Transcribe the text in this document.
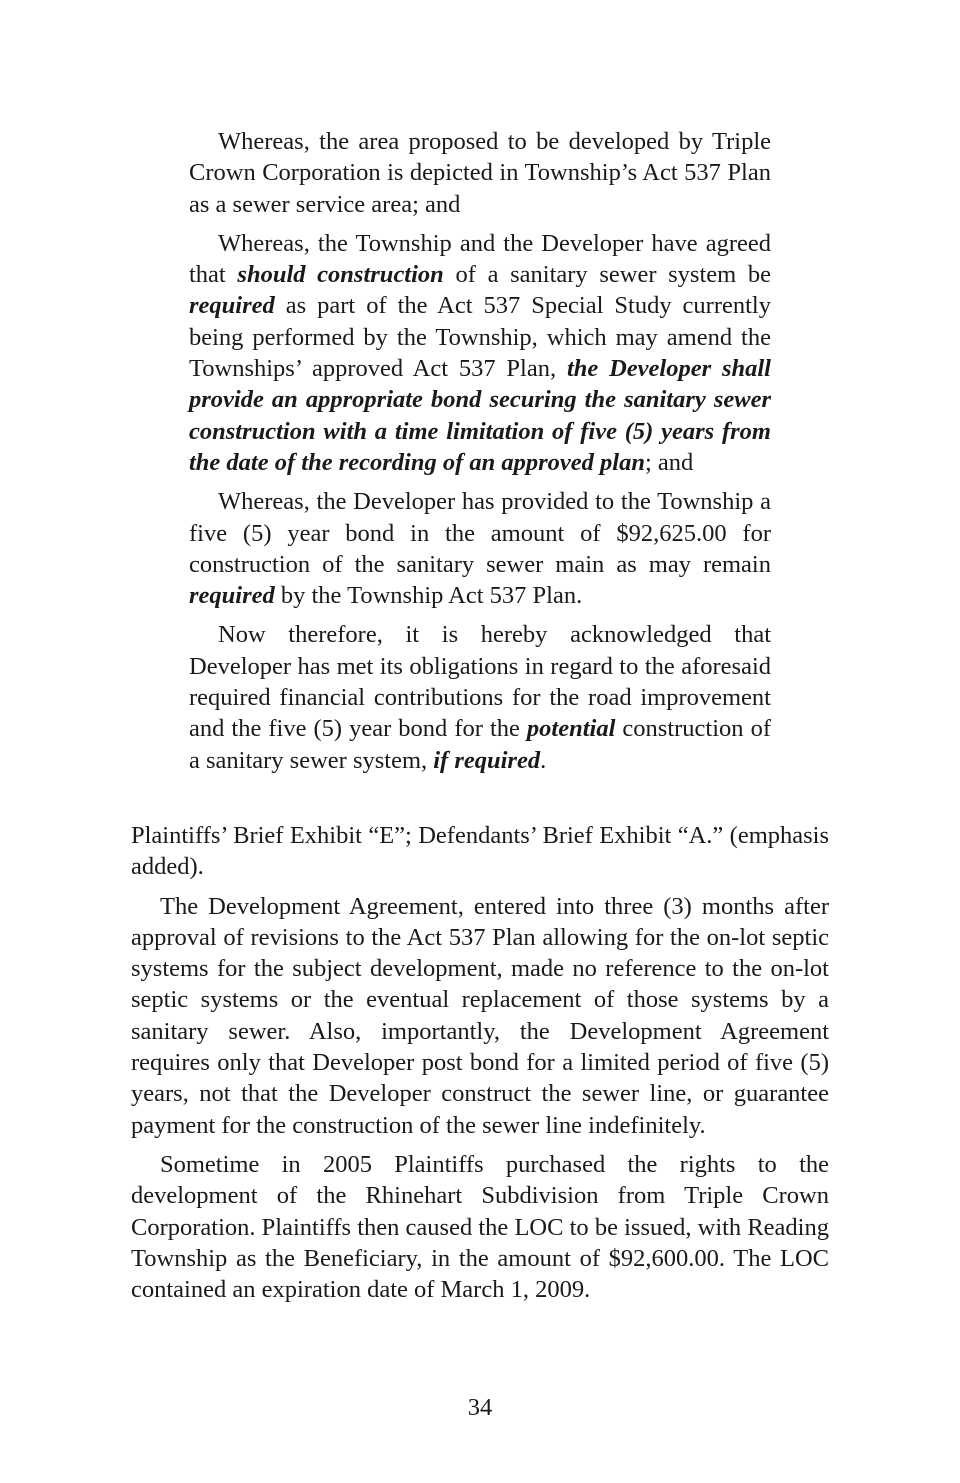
Whereas, the area proposed to be developed by Triple Crown Corporation is depicted in Township’s Act 537 Plan as a sewer service area; and

Whereas, the Township and the Developer have agreed that should construction of a sanitary sewer system be required as part of the Act 537 Special Study currently being performed by the Township, which may amend the Townships’ approved Act 537 Plan, the Developer shall provide an appropriate bond securing the sanitary sewer construction with a time limitation of five (5) years from the date of the recording of an approved plan; and

Whereas, the Developer has provided to the Township a five (5) year bond in the amount of $92,625.00 for construction of the sanitary sewer main as may remain required by the Township Act 537 Plan.

Now therefore, it is hereby acknowledged that Developer has met its obligations in regard to the aforesaid required financial contributions for the road improvement and the five (5) year bond for the potential construction of a sanitary sewer system, if required.

Plaintiffs’ Brief Exhibit “E”; Defendants’ Brief Exhibit “A.” (emphasis added).

The Development Agreement, entered into three (3) months after approval of revisions to the Act 537 Plan allowing for the on-lot septic systems for the subject development, made no reference to the on-lot septic systems or the eventual replacement of those systems by a sanitary sewer. Also, importantly, the Development Agreement requires only that Developer post bond for a limited period of five (5) years, not that the Developer construct the sewer line, or guarantee payment for the construction of the sewer line indefinitely.

Sometime in 2005 Plaintiffs purchased the rights to the development of the Rhinehart Subdivision from Triple Crown Corporation. Plaintiffs then caused the LOC to be issued, with Reading Township as the Beneficiary, in the amount of $92,600.00. The LOC contained an expiration date of March 1, 2009.

34
